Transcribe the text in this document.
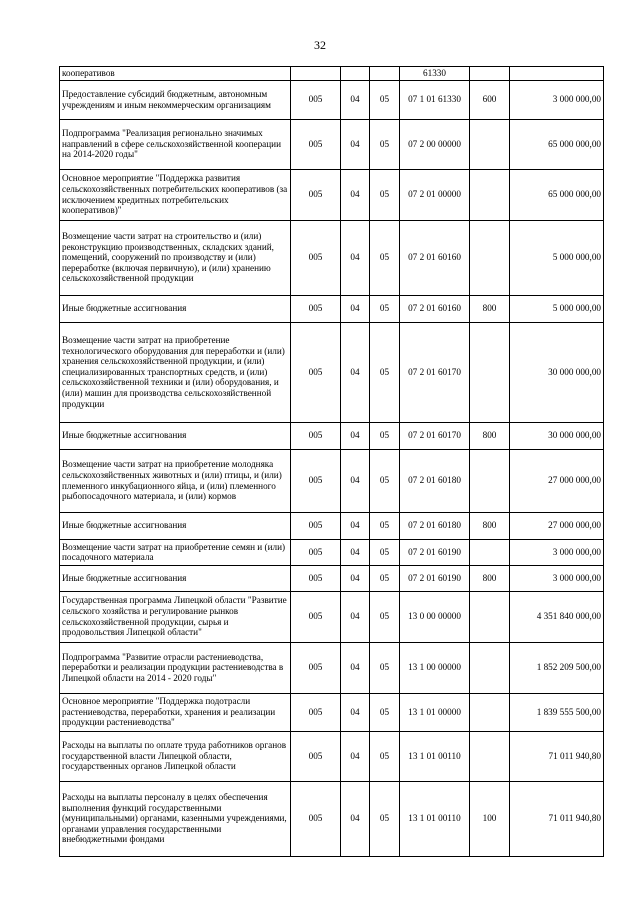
32
кооперативов				61330		
Предоставление субсидий бюджетным, автономным учреждениям и иным некоммерческим организациям	005	04	05	07 1 01 61330	600	3 000 000,00
Подпрограмма "Реализация регионально значимых направлений в сфере сельскохозяйственной кооперации на 2014-2020 годы"	005	04	05	07 2 00 00000		65 000 000,00
Основное мероприятие "Поддержка развития сельскохозяйственных потребительских кооперативов (за исключением кредитных потребительских кооперативов)"	005	04	05	07 2 01 00000		65 000 000,00
Возмещение части затрат на строительство и (или) реконструкцию производственных, складских зданий, помещений, сооружений по производству и (или) переработке (включая первичную), и (или) хранению сельскохозяйственной продукции	005	04	05	07 2 01 60160		5 000 000,00
Иные бюджетные ассигнования	005	04	05	07 2 01 60160	800	5 000 000,00
Возмещение части затрат на приобретение технологического оборудования для переработки и (или) хранения сельскохозяйственной продукции, и (или) специализированных транспортных средств, и (или) сельскохозяйственной техники и (или) оборудования, и (или) машин для производства сельскохозяйственной продукции	005	04	05	07 2 01 60170		30 000 000,00
Иные бюджетные ассигнования	005	04	05	07 2 01 60170	800	30 000 000,00
Возмещение части затрат на приобретение молодняка сельскохозяйственных животных и (или) птицы, и (или) племенного инкубационного яйца, и (или) племенного рыбопосадочного материала, и (или) кормов	005	04	05	07 2 01 60180		27 000 000,00
Иные бюджетные ассигнования	005	04	05	07 2 01 60180	800	27 000 000,00
Возмещение части затрат на приобретение семян и (или) посадочного материала	005	04	05	07 2 01 60190		3 000 000,00
Иные бюджетные ассигнования	005	04	05	07 2 01 60190	800	3 000 000,00
Государственная программа Липецкой области "Развитие сельского хозяйства и регулирование рынков сельскохозяйственной продукции, сырья и продовольствия Липецкой области"	005	04	05	13 0 00 00000		4 351 840 000,00
Подпрограмма "Развитие отрасли растениеводства, переработки и реализации продукции растениеводства в Липецкой области на 2014 - 2020 годы"	005	04	05	13 1 00 00000		1 852 209 500,00
Основное мероприятие "Поддержка подотрасли растениеводства, переработки, хранения и реализации продукции растениеводства"	005	04	05	13 1 01 00000		1 839 555 500,00
Расходы на выплаты по оплате труда работников органов государственной власти Липецкой области, государственных органов Липецкой области	005	04	05	13 1 01 00110		71 011 940,80
Расходы на выплаты персоналу в целях обеспечения выполнения функций государственными (муниципальными) органами, казенными учреждениями, органами управления государственными внебюджетными фондами	005	04	05	13 1 01 00110	100	71 011 940,80
